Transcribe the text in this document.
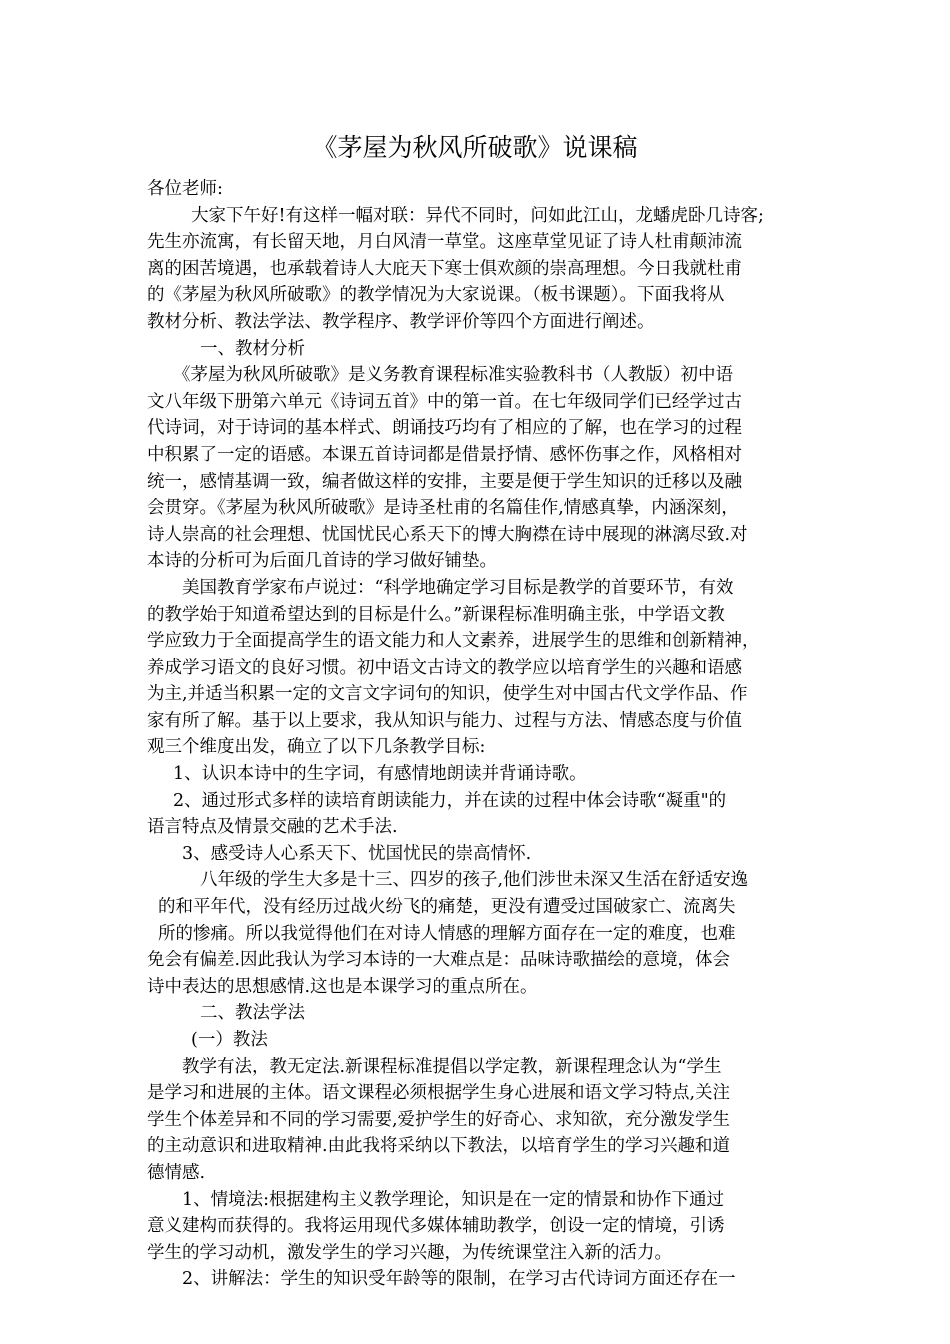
《茅屋为秋风所破歌》说课稿
各位老师:
大家下午好!有这样一幅对联：异代不同时，问如此江山，龙蟠虎卧几诗客;
先生亦流寓，有长留天地，月白风清一草堂。这座草堂见证了诗人杜甫颠沛流
离的困苦境遇，也承载着诗人大庇天下寒士俱欢颜的崇高理想。今日我就杜甫
的《茅屋为秋风所破歌》的教学情况为大家说课。（板书课题）。下面我将从
教材分析、教法学法、教学程序、教学评价等四个方面进行阐述。
一、教材分析
《茅屋为秋风所破歌》是义务教育课程标准实验教科书（人教版）初中语
文八年级下册第六单元《诗词五首》中的第一首。在七年级同学们已经学过古
代诗词，对于诗词的基本样式、朗诵技巧均有了相应的了解，也在学习的过程
中积累了一定的语感。本课五首诗词都是借景抒情、感怀伤事之作，风格相对
统一，感情基调一致，编者做这样的安排，主要是便于学生知识的迁移以及融
会贯穿。《茅屋为秋风所破歌》是诗圣杜甫的名篇佳作,情感真挚，内涵深刻，
诗人崇高的社会理想、忧国忧民心系天下的博大胸襟在诗中展现的淋漓尽致.对
本诗的分析可为后面几首诗的学习做好铺垫。
美国教育学家布卢说过：“科学地确定学习目标是教学的首要环节，有效
的教学始于知道希望达到的目标是什么。”新课程标准明确主张，中学语文教
学应致力于全面提高学生的语文能力和人文素养，进展学生的思维和创新精神，
养成学习语文的良好习惯。初中语文古诗文的教学应以培育学生的兴趣和语感
为主,并适当积累一定的文言文字词句的知识，使学生对中国古代文学作品、作
家有所了解。基于以上要求，我从知识与能力、过程与方法、情感态度与价值
观三个维度出发，确立了以下几条教学目标:
1、认识本诗中的生字词，有感情地朗读并背诵诗歌。
2、通过形式多样的读培育朗读能力，并在读的过程中体会诗歌“凝重"的
语言特点及情景交融的艺术手法.
3、感受诗人心系天下、忧国忧民的崇高情怀.
八年级的学生大多是十三、四岁的孩子,他们涉世未深又生活在舒适安逸
的和平年代，没有经历过战火纷飞的痛楚，更没有遭受过国破家亡、流离失
所的惨痛。所以我觉得他们在对诗人情感的理解方面存在一定的难度，也难
免会有偏差.因此我认为学习本诗的一大难点是：品味诗歌描绘的意境，体会
诗中表达的思想感情.这也是本课学习的重点所在。
二、教法学法
(一）教法
教学有法，教无定法.新课程标准提倡以学定教，新课程理念认为“学生
是学习和进展的主体。语文课程必须根据学生身心进展和语文学习特点,关注
学生个体差异和不同的学习需要,爱护学生的好奇心、求知欲，充分激发学生
的主动意识和进取精神.由此我将采纳以下教法，以培育学生的学习兴趣和道
德情感.
1、情境法:根据建构主义教学理论，知识是在一定的情景和协作下通过
意义建构而获得的。我将运用现代多媒体辅助教学，创设一定的情境，引诱
学生的学习动机，激发学生的学习兴趣，为传统课堂注入新的活力。
2、讲解法：学生的知识受年龄等的限制，在学习古代诗词方面还存在一
